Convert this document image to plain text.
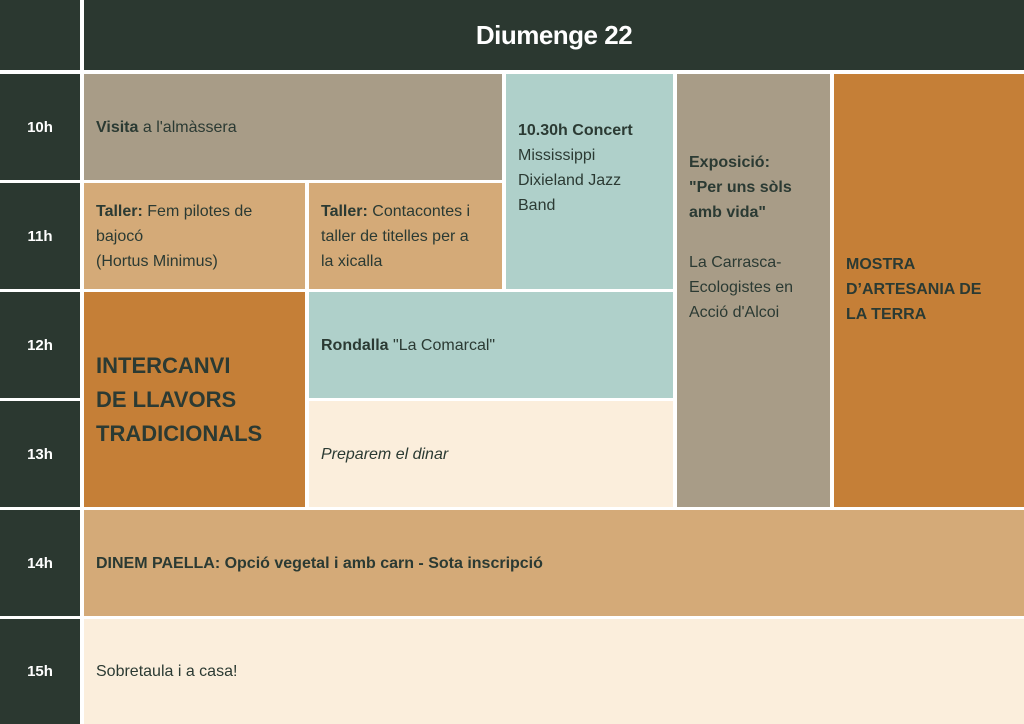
Diumenge 22
10h
11h
12h
13h
14h
15h
Visita a l'almàssera	10.30h Concert
Mississippi
Dixieland Jazz
Band
Exposició:
"Per uns sòls
amb vida"
La Carrasca-
Ecologistes en
Acció d'Alcoi
MOSTRA
D’ARTESANIA DE
LA TERRA
Taller: Fem pilotes de
bajocó
(Hortus Minimus)
Taller: Contacontes i
taller de titelles per a
la xicalla
INTERCANVI
DE LLAVORS
TRADICIONALS
Rondalla "La Comarcal"
Preparem el dinar
DINEM PAELLA: Opció vegetal i amb carn - Sota inscripció
Sobretaula i a casa!
